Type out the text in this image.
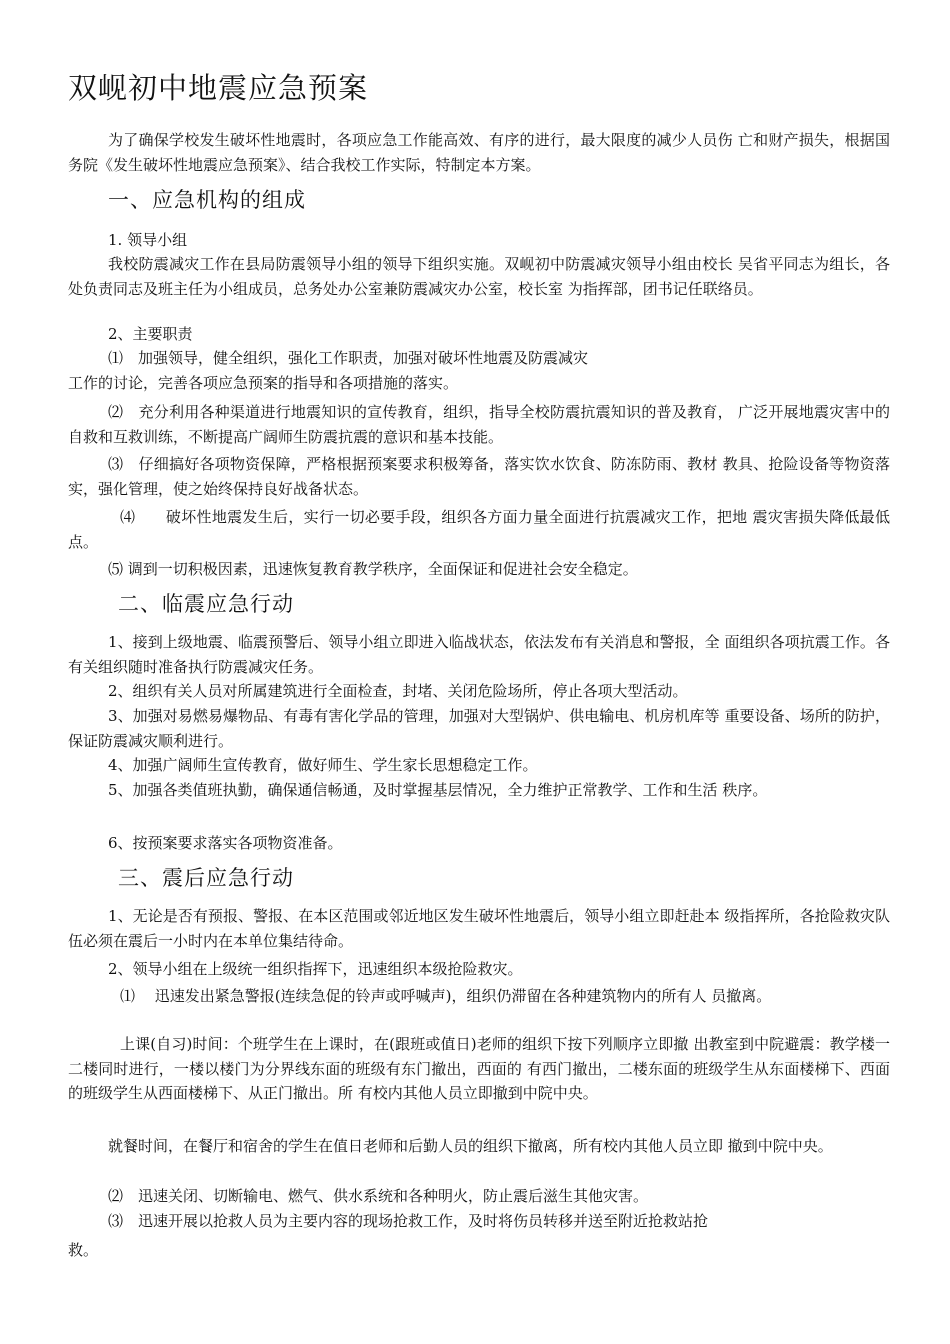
双岘初中地震应急预案

为了确保学校发生破坏性地震时，各项应急工作能高效、有序的进行，最大限度的减少人员伤 亡和财产损失，根据国务院《发生破坏性地震应急预案》、结合我校工作实际，特制定本方案。

一、应急机构的组成

1. 领导小组

我校防震减灾工作在县局防震领导小组的领导下组织实施。双岘初中防震减灾领导小组由校长 吴省平同志为组长，各处负责同志及班主任为小组成员，总务处办公室兼防震减灾办公室，校长室 为指挥部，团书记任联络员。

2、主要职责

⑴　加强领导，健全组织，强化工作职责，加强对破坏性地震及防震减灾

工作的讨论，完善各项应急预案的指导和各项措施的落实。

⑵　充分利用各种渠道进行地震知识的宣传教育，组织，指导全校防震抗震知识的普及教育， 广泛开展地震灾害中的自救和互救训练，不断提高广阔师生防震抗震的意识和基本技能。

⑶　仔细搞好各项物资保障，严格根据预案要求积极筹备，落实饮水饮食、防冻防雨、教材 教具、抢险设备等物资落实，强化管理，使之始终保持良好战备状态。

⑷　　破坏性地震发生后，实行一切必要手段，组织各方面力量全面进行抗震减灾工作，把地 震灾害损失降低最低点。

⑸ 调到一切积极因素，迅速恢复教育教学秩序，全面保证和促进社会安全稳定。

二、临震应急行动

1、接到上级地震、临震预警后、领导小组立即进入临战状态，依法发布有关消息和警报，全 面组织各项抗震工作。各有关组织随时准备执行防震减灾任务。

2、组织有关人员对所属建筑进行全面检查，封堵、关闭危险场所，停止各项大型活动。

3、加强对易燃易爆物品、有毒有害化学品的管理，加强对大型锅炉、供电输电、机房机库等 重要设备、场所的防护，保证防震减灾顺利进行。

4、加强广阔师生宣传教育，做好师生、学生家长思想稳定工作。

5、加强各类值班执勤，确保通信畅通，及时掌握基层情况，全力维护正常教学、工作和生活 秩序。

6、按预案要求落实各项物资准备。

三、震后应急行动

1、无论是否有预报、警报、在本区范围或邻近地区发生破坏性地震后，领导小组立即赶赴本 级指挥所，各抢险救灾队伍必须在震后一小时内在本单位集结待命。

2、领导小组在上级统一组织指挥下，迅速组织本级抢险救灾。

⑴　 迅速发出紧急警报(连续急促的铃声或呼喊声)，组织仍滞留在各种建筑物内的所有人 员撤离。

上课(自习)时间：个班学生在上课时，在(跟班或值日)老师的组织下按下列顺序立即撤 出教室到中院避震：教学楼一二楼同时进行，一楼以楼门为分界线东面的班级有东门撤出，西面的 有西门撤出，二楼东面的班级学生从东面楼梯下、西面的班级学生从西面楼梯下、从正门撤出。所 有校内其他人员立即撤到中院中央。

就餐时间，在餐厅和宿舍的学生在值日老师和后勤人员的组织下撤离，所有校内其他人员立即 撤到中院中央。

⑵　迅速关闭、切断输电、燃气、供水系统和各种明火，防止震后滋生其他灾害。

⑶　迅速开展以抢救人员为主要内容的现场抢救工作，及时将伤员转移并送至附近抢救站抢

救。
